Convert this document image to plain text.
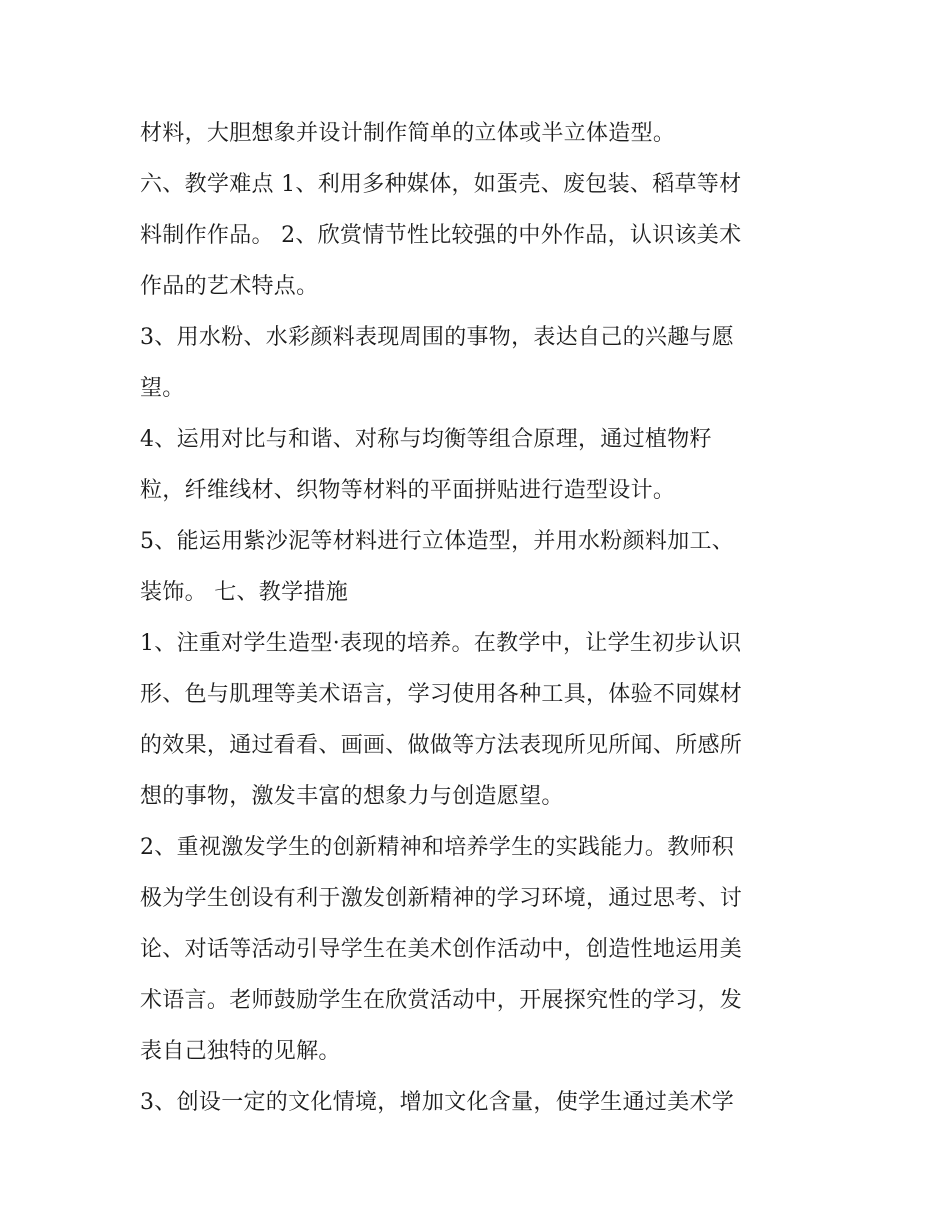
材料，大胆想象并设计制作简单的立体或半立体造型。

六、教学难点 1、利用多种媒体，如蛋壳、废包装、稻草等材

料制作作品。 2、欣赏情节性比较强的中外作品，认识该美术

作品的艺术特点。

3、用水粉、水彩颜料表现周围的事物，表达自己的兴趣与愿

望。

4、运用对比与和谐、对称与均衡等组合原理，通过植物籽

粒，纤维线材、织物等材料的平面拼贴进行造型设计。

5、能运用紫沙泥等材料进行立体造型，并用水粉颜料加工、

装饰。 七、教学措施

1、注重对学生造型·表现的培养。在教学中，让学生初步认识

形、色与肌理等美术语言，学习使用各种工具，体验不同媒材

的效果，通过看看、画画、做做等方法表现所见所闻、所感所

想的事物，激发丰富的想象力与创造愿望。

2、重视激发学生的创新精神和培养学生的实践能力。教师积

极为学生创设有利于激发创新精神的学习环境，通过思考、讨

论、对话等活动引导学生在美术创作活动中，创造性地运用美

术语言。老师鼓励学生在欣赏活动中，开展探究性的学习，发

表自己独特的见解。

3、创设一定的文化情境，增加文化含量，使学生通过美术学
